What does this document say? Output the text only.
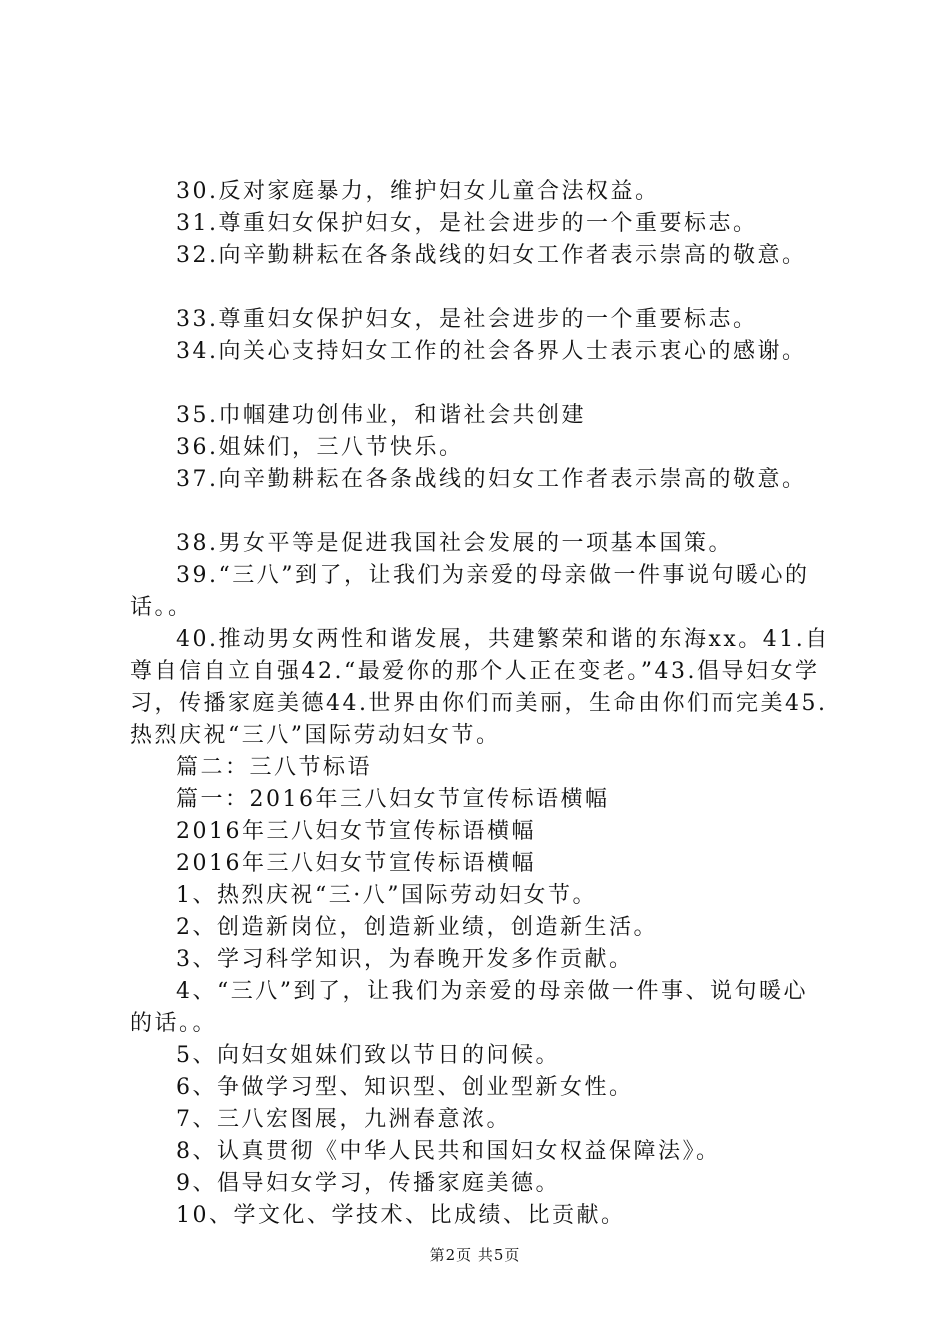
30.反对家庭暴力，维护妇女儿童合法权益。

31.尊重妇女保护妇女，是社会进步的一个重要标志。

32.向辛勤耕耘在各条战线的妇女工作者表示崇高的敬意。

33.尊重妇女保护妇女，是社会进步的一个重要标志。

34.向关心支持妇女工作的社会各界人士表示衷心的感谢。

35.巾帼建功创伟业，和谐社会共创建

36.姐妹们，三八节快乐。

37.向辛勤耕耘在各条战线的妇女工作者表示崇高的敬意。

38.男女平等是促进我国社会发展的一项基本国策。

39.“三八”到了，让我们为亲爱的母亲做一件事说句暖心的话。。

40.推动男女两性和谐发展，共建繁荣和谐的东海xx。41.自尊自信自立自强42.“最爱你的那个人正在变老。”43.倡导妇女学习，传播家庭美德44.世界由你们而美丽，生命由你们而完美45.热烈庆祝“三八”国际劳动妇女节。

篇二：三八节标语

篇一：2016年三八妇女节宣传标语横幅

2016年三八妇女节宣传标语横幅

2016年三八妇女节宣传标语横幅

1、热烈庆祝“三·八”国际劳动妇女节。

2、创造新岗位，创造新业绩，创造新生活。

3、学习科学知识，为春晚开发多作贡献。

4、“三八”到了，让我们为亲爱的母亲做一件事、说句暖心的话。。

5、向妇女姐妹们致以节日的问候。

6、争做学习型、知识型、创业型新女性。

7、三八宏图展，九洲春意浓。

8、认真贯彻《中华人民共和国妇女权益保障法》。

9、倡导妇女学习，传播家庭美德。

10、学文化、学技术、比成绩、比贡献。

第2页 共5页
